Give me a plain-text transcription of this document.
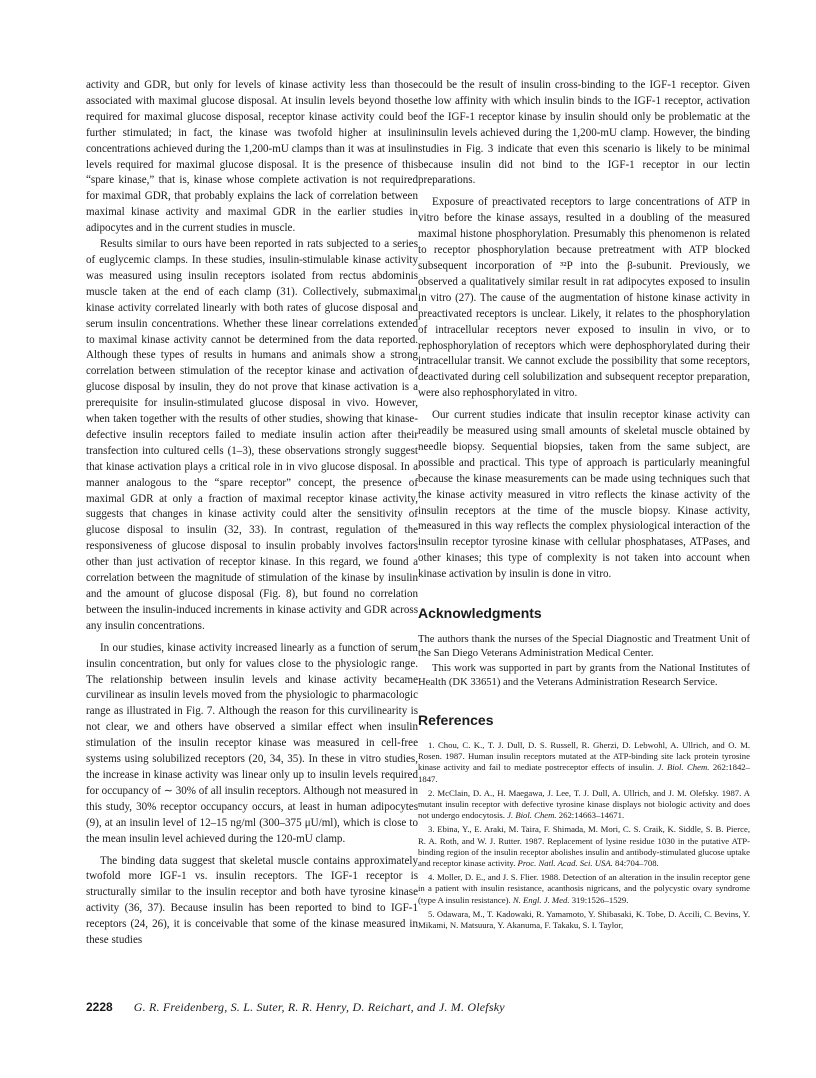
activity and GDR, but only for levels of kinase activity less than those associated with maximal glucose disposal. At insulin levels beyond those required for maximal glucose disposal, receptor kinase activity could be further stimulated; in fact, the kinase was twofold higher at insulin concentrations achieved during the 1,200-mU clamps than it was at insulin levels required for maximal glucose disposal. It is the presence of this “spare kinase,” that is, kinase whose complete activation is not required for maximal GDR, that probably explains the lack of correlation between maximal kinase activity and maximal GDR in the earlier studies in adipocytes and in the current studies in muscle.

Results similar to ours have been reported in rats subjected to a series of euglycemic clamps. In these studies, insulin-stimulable kinase activity was measured using insulin receptors isolated from rectus abdominis muscle taken at the end of each clamp (31). Collectively, submaximal kinase activity correlated linearly with both rates of glucose disposal and serum insulin concentrations. Whether these linear correlations extended to maximal kinase activity cannot be determined from the data reported. Although these types of results in humans and animals show a strong correlation between stimulation of the receptor kinase and activation of glucose disposal by insulin, they do not prove that kinase activation is a prerequisite for insulin-stimulated glucose disposal in vivo. However, when taken together with the results of other studies, showing that kinase-defective insulin receptors failed to mediate insulin action after their transfection into cultured cells (1–3), these observations strongly suggest that kinase activation plays a critical role in in vivo glucose disposal. In a manner analogous to the “spare receptor” concept, the presence of maximal GDR at only a fraction of maximal receptor kinase activity, suggests that changes in kinase activity could alter the sensitivity of glucose disposal to insulin (32, 33). In contrast, regulation of the responsiveness of glucose disposal to insulin probably involves factors other than just activation of receptor kinase. In this regard, we found a correlation between the magnitude of stimulation of the kinase by insulin and the amount of glucose disposal (Fig. 8), but found no correlation between the insulin-induced increments in kinase activity and GDR across any insulin concentrations.

In our studies, kinase activity increased linearly as a function of serum insulin concentration, but only for values close to the physiologic range. The relationship between insulin levels and kinase activity became curvilinear as insulin levels moved from the physiologic to pharmacologic range as illustrated in Fig. 7. Although the reason for this curvilinearity is not clear, we and others have observed a similar effect when insulin stimulation of the insulin receptor kinase was measured in cell-free systems using solubilized receptors (20, 34, 35). In these in vitro studies, the increase in kinase activity was linear only up to insulin levels required for occupancy of ∼ 30% of all insulin receptors. Although not measured in this study, 30% receptor occupancy occurs, at least in human adipocytes (9), at an insulin level of 12–15 ng/ml (300–375 μU/ml), which is close to the mean insulin level achieved during the 120-mU clamp.

The binding data suggest that skeletal muscle contains approximately twofold more IGF-1 vs. insulin receptors. The IGF-1 receptor is structurally similar to the insulin receptor and both have tyrosine kinase activity (36, 37). Because insulin has been reported to bind to IGF-1 receptors (24, 26), it is conceivable that some of the kinase measured in these studies

could be the result of insulin cross-binding to the IGF-1 receptor. Given the low affinity with which insulin binds to the IGF-1 receptor, activation of the IGF-1 receptor kinase by insulin should only be problematic at the insulin levels achieved during the 1,200-mU clamp. However, the binding studies in Fig. 3 indicate that even this scenario is likely to be minimal because insulin did not bind to the IGF-1 receptor in our lectin preparations.

Exposure of preactivated receptors to large concentrations of ATP in vitro before the kinase assays, resulted in a doubling of the measured maximal histone phosphorylation. Presumably this phenomenon is related to receptor phosphorylation because pretreatment with ATP blocked subsequent incorporation of ³²P into the β-subunit. Previously, we observed a qualitatively similar result in rat adipocytes exposed to insulin in vitro (27). The cause of the augmentation of histone kinase activity in preactivated receptors is unclear. Likely, it relates to the phosphorylation of intracellular receptors never exposed to insulin in vivo, or to rephosphorylation of receptors which were dephosphorylated during their intracellular transit. We cannot exclude the possibility that some receptors, deactivated during cell solubilization and subsequent receptor preparation, were also rephosphorylated in vitro.

Our current studies indicate that insulin receptor kinase activity can readily be measured using small amounts of skeletal muscle obtained by needle biopsy. Sequential biopsies, taken from the same subject, are possible and practical. This type of approach is particularly meaningful because the kinase measurements can be made using techniques such that the kinase activity measured in vitro reflects the kinase activity of the insulin receptors at the time of the muscle biopsy. Kinase activity, measured in this way reflects the complex physiological interaction of the insulin receptor tyrosine kinase with cellular phosphatases, ATPases, and other kinases; this type of complexity is not taken into account when kinase activation by insulin is done in vitro.

Acknowledgments

The authors thank the nurses of the Special Diagnostic and Treatment Unit of the San Diego Veterans Administration Medical Center.

This work was supported in part by grants from the National Institutes of Health (DK 33651) and the Veterans Administration Research Service.

References
1. Chou, C. K., T. J. Dull, D. S. Russell, R. Gherzi, D. Lebwohl, A. Ullrich, and O. M. Rosen. 1987. Human insulin receptors mutated at the ATP-binding site lack protein tyrosine kinase activity and fail to mediate postreceptor effects of insulin. J. Biol. Chem. 262:1842–1847.
2. McClain, D. A., H. Maegawa, J. Lee, T. J. Dull, A. Ullrich, and J. M. Olefsky. 1987. A mutant insulin receptor with defective tyrosine kinase displays not biologic activity and does not undergo endocytosis. J. Biol. Chem. 262:14663–14671.
3. Ebina, Y., E. Araki, M. Taira, F. Shimada, M. Mori, C. S. Craik, K. Siddle, S. B. Pierce, R. A. Roth, and W. J. Rutter. 1987. Replacement of lysine residue 1030 in the putative ATP-binding region of the insulin receptor abolishes insulin and antibody-stimulated glucose uptake and receptor kinase activity. Proc. Natl. Acad. Sci. USA. 84:704–708.
4. Moller, D. E., and J. S. Flier. 1988. Detection of an alteration in the insulin receptor gene in a patient with insulin resistance, acanthosis nigricans, and the polycystic ovary syndrome (type A insulin resistance). N. Engl. J. Med. 319:1526–1529.
5. Odawara, M., T. Kadowaki, R. Yamamoto, Y. Shibasaki, K. Tobe, D. Accili, C. Bevins, Y. Mikami, N. Matsuura, Y. Akanuma, F. Takaku, S. I. Taylor,
2228 G. R. Freidenberg, S. L. Suter, R. R. Henry, D. Reichart, and J. M. Olefsky
